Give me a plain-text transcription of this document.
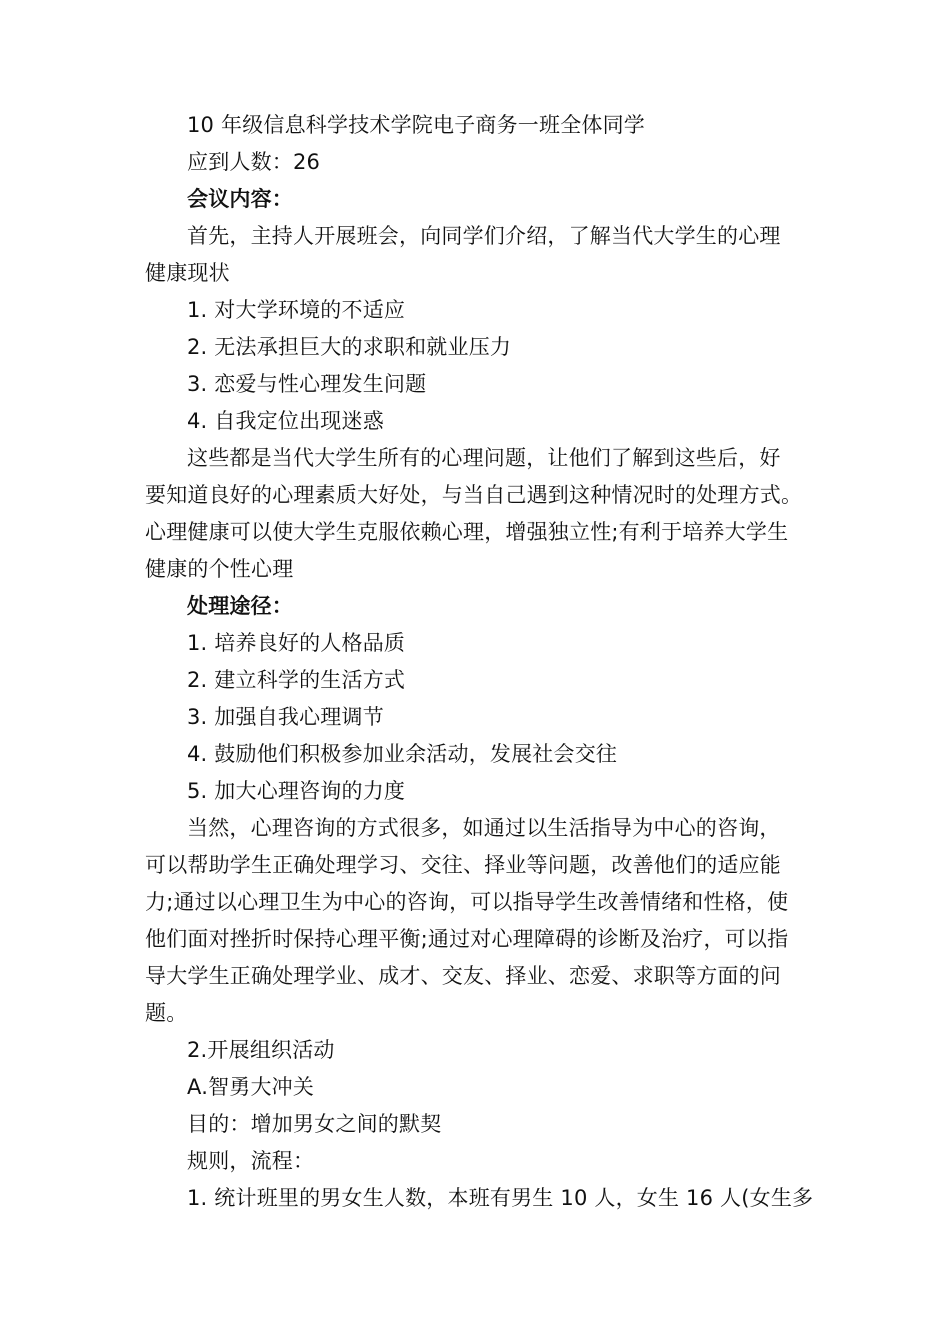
10 年级信息科学技术学院电子商务一班全体同学
应到人数：26
会议内容：
首先，主持人开展班会，向同学们介绍，了解当代大学生的心理
健康现状
1. 对大学环境的不适应
2. 无法承担巨大的求职和就业压力
3. 恋爱与性心理发生问题
4. 自我定位出现迷惑
这些都是当代大学生所有的心理问题，让他们了解到这些后，好
要知道良好的心理素质大好处，与当自己遇到这种情况时的处理方式。
心理健康可以使大学生克服依赖心理，增强独立性;有利于培养大学生
健康的个性心理
处理途径：
1. 培养良好的人格品质
2. 建立科学的生活方式
3. 加强自我心理调节
4. 鼓励他们积极参加业余活动，发展社会交往
5. 加大心理咨询的力度
当然，心理咨询的方式很多，如通过以生活指导为中心的咨询，
可以帮助学生正确处理学习、交往、择业等问题，改善他们的适应能
力;通过以心理卫生为中心的咨询，可以指导学生改善情绪和性格，使
他们面对挫折时保持心理平衡;通过对心理障碍的诊断及治疗，可以指
导大学生正确处理学业、成才、交友、择业、恋爱、求职等方面的问
题。
2.开展组织活动
A.智勇大冲关
目的：增加男女之间的默契
规则，流程：
1. 统计班里的男女生人数，本班有男生 10 人，女生 16 人(女生多
